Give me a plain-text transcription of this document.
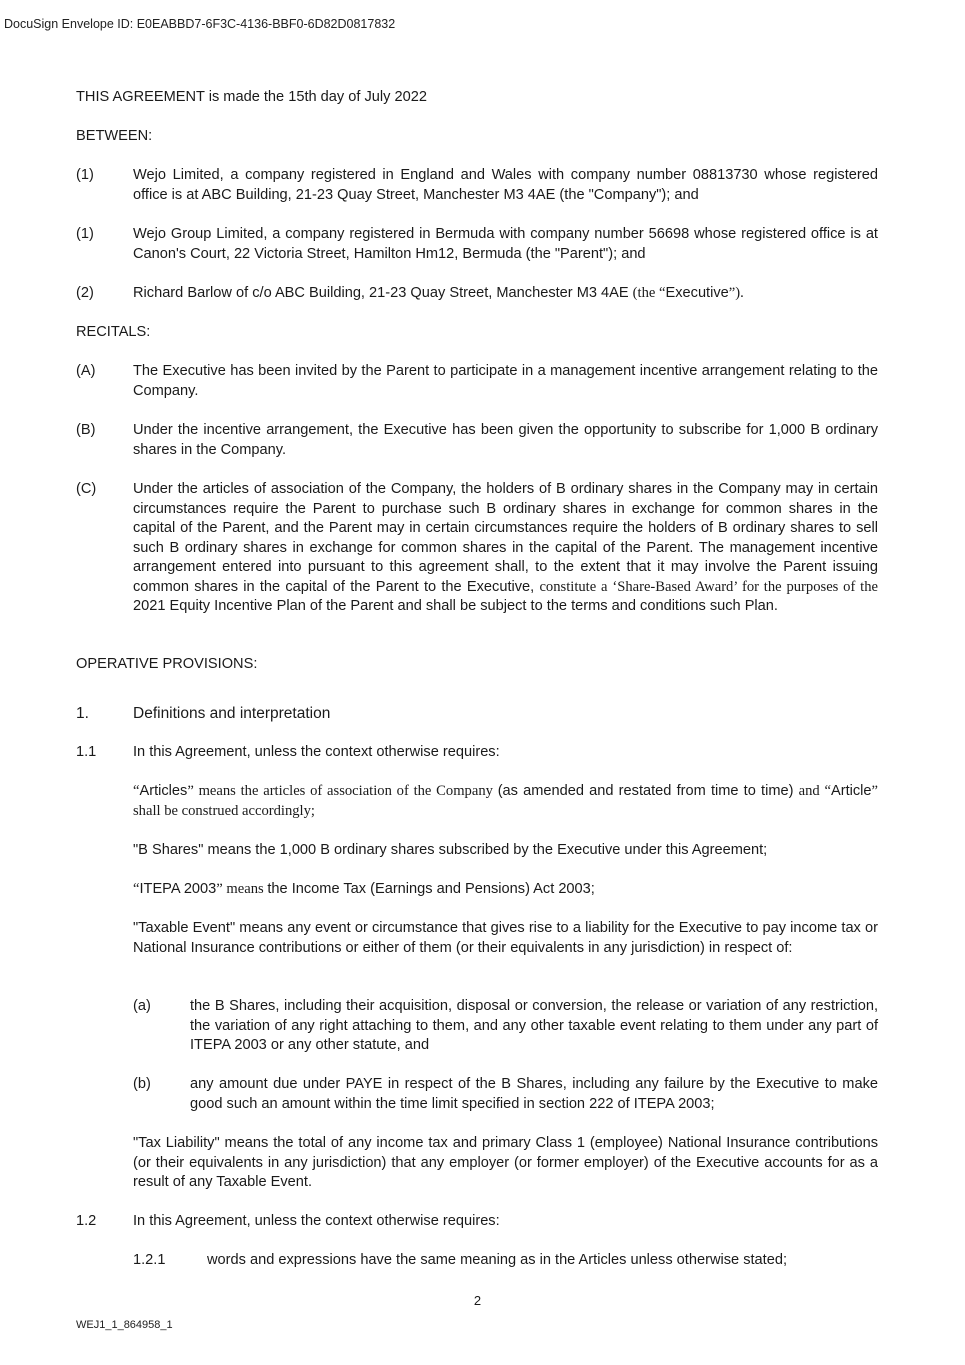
DocuSign Envelope ID: E0EABBD7-6F3C-4136-BBF0-6D82D0817832
THIS AGREEMENT is made the 15th day of July 2022
BETWEEN:
(1)	Wejo Limited, a company registered in England and Wales with company number 08813730 whose registered office is at ABC Building, 21-23 Quay Street, Manchester M3 4AE (the "Company"); and
(1)	Wejo Group Limited, a company registered in Bermuda with company number 56698 whose registered office is at Canon's Court, 22 Victoria Street, Hamilton Hm12, Bermuda (the "Parent"); and
(2)	Richard Barlow of c/o ABC Building, 21-23 Quay Street, Manchester M3 4AE (the “Executive”).
RECITALS:
(A)	The Executive has been invited by the Parent to participate in a management incentive arrangement relating to the Company.
(B)	Under the incentive arrangement, the Executive has been given the opportunity to subscribe for 1,000 B ordinary shares in the Company.
(C)	Under the articles of association of the Company, the holders of B ordinary shares in the Company may in certain circumstances require the Parent to purchase such B ordinary shares in exchange for common shares in the capital of the Parent, and the Parent may in certain circumstances require the holders of B ordinary shares to sell such B ordinary shares in exchange for common shares in the capital of the Parent. The management incentive arrangement entered into pursuant to this agreement shall, to the extent that it may involve the Parent issuing common shares in the capital of the Parent to the Executive, constitute a ‘Share-Based Award’ for the purposes of the 2021 Equity Incentive Plan of the Parent and shall be subject to the terms and conditions such Plan.
OPERATIVE PROVISIONS:
1.	Definitions and interpretation
1.1	In this Agreement, unless the context otherwise requires:
“Articles” means the articles of association of the Company (as amended and restated from time to time) and “Article” shall be construed accordingly;
"B Shares" means the 1,000 B ordinary shares subscribed by the Executive under this Agreement;
“ITEPA 2003” means the Income Tax (Earnings and Pensions) Act 2003;
"Taxable Event" means any event or circumstance that gives rise to a liability for the Executive to pay income tax or National Insurance contributions or either of them (or their equivalents in any jurisdiction) in respect of:
(a)	the B Shares, including their acquisition, disposal or conversion, the release or variation of any restriction, the variation of any right attaching to them, and any other taxable event relating to them under any part of ITEPA 2003 or any other statute, and
(b)	any amount due under PAYE in respect of the B Shares, including any failure by the Executive to make good such an amount within the time limit specified in section 222 of ITEPA 2003;
"Tax Liability" means the total of any income tax and primary Class 1 (employee) National Insurance contributions (or their equivalents in any jurisdiction) that any employer (or former employer) of the Executive accounts for as a result of any Taxable Event.
1.2	In this Agreement, unless the context otherwise requires:
1.2.1	words and expressions have the same meaning as in the Articles unless otherwise stated;
2
WEJ1_1_864958_1
